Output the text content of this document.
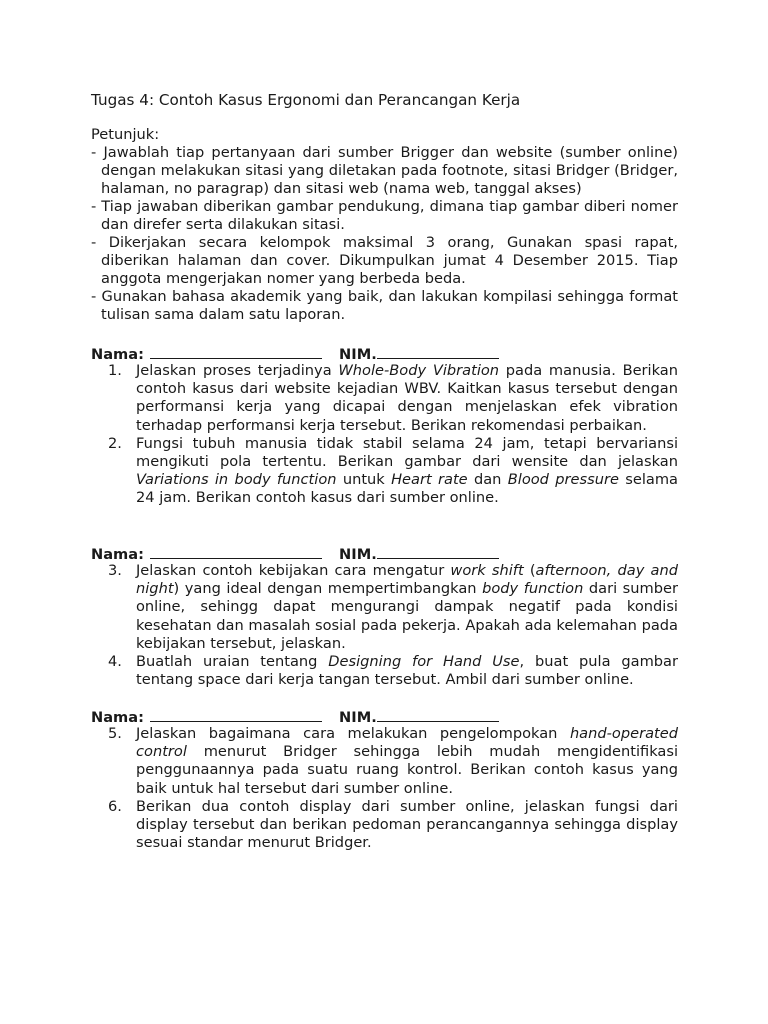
Tugas 4: Contoh Kasus Ergonomi dan Perancangan Kerja
Petunjuk:

- Jawablah tiap pertanyaan dari sumber Brigger dan website (sumber online) dengan melakukan sitasi yang diletakan pada footnote, sitasi Bridger (Bridger, halaman, no paragrap) dan sitasi web (nama web, tanggal akses)

- Tiap jawaban diberikan gambar pendukung, dimana tiap gambar diberi nomer dan direfer serta dilakukan sitasi.

- Dikerjakan secara kelompok maksimal 3 orang, Gunakan spasi rapat, diberikan halaman dan cover. Dikumpulkan jumat 4 Desember 2015. Tiap anggota mengerjakan nomer yang berbeda beda.

- Gunakan bahasa akademik yang baik, dan lakukan kompilasi sehingga format tulisan sama dalam satu laporan.

Nama:	NIM.
1. Jelaskan proses terjadinya Whole-Body Vibration pada manusia. Berikan contoh kasus dari website kejadian WBV. Kaitkan kasus tersebut dengan performansi kerja yang dicapai dengan menjelaskan efek vibration terhadap performansi kerja tersebut. Berikan rekomendasi perbaikan.
2. Fungsi tubuh manusia tidak stabil selama 24 jam, tetapi bervariansi mengikuti pola tertentu. Berikan gambar dari wensite dan jelaskan Variations in body function untuk Heart rate dan Blood pressure selama 24 jam. Berikan contoh kasus dari sumber online.
Nama:	NIM.
3. Jelaskan contoh kebijakan cara mengatur work shift (afternoon, day and night) yang ideal dengan mempertimbangkan body function dari sumber online, sehingg dapat mengurangi dampak negatif pada kondisi kesehatan dan masalah sosial pada pekerja. Apakah ada kelemahan pada kebijakan tersebut, jelaskan.
4. Buatlah uraian tentang Designing for Hand Use, buat pula gambar tentang space dari kerja tangan tersebut. Ambil dari sumber online.
Nama:	NIM.
5. Jelaskan bagaimana cara melakukan pengelompokan hand-operated control menurut Bridger sehingga lebih mudah mengidentifikasi penggunaannya pada suatu ruang kontrol. Berikan contoh kasus yang baik untuk hal tersebut dari sumber online.
6. Berikan dua contoh display dari sumber online, jelaskan fungsi dari display tersebut dan berikan pedoman perancangannya sehingga display sesuai standar menurut Bridger.
